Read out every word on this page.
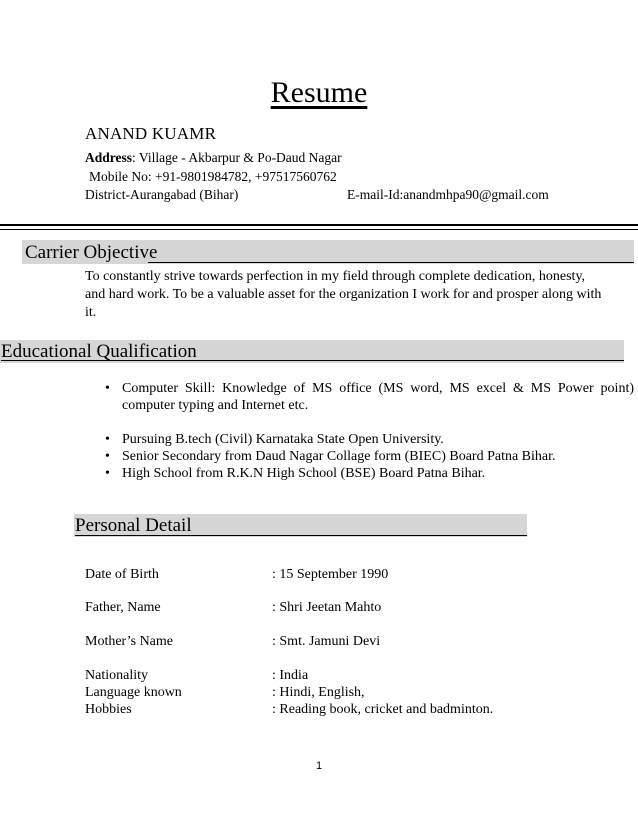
Resume
ANAND KUAMR
Address: Village - Akbarpur & Po-Daud Nagar
Mobile No: +91-9801984782, +97517560762
District-Aurangabad (Bihar)	E-mail-Id:anandmhpa90@gmail.com
Carrier Objective
To constantly strive towards perfection in my field through complete dedication, honesty, and hard work. To be a valuable asset for the organization I work for and prosper along with it.
Educational Qualification
• Computer Skill: Knowledge of MS office (MS word, MS excel & MS Power point) computer typing and Internet etc.
• Pursuing B.tech (Civil) Karnataka State Open University.
• Senior Secondary from Daud Nagar Collage form (BIEC) Board Patna Bihar.
• High School from R.K.N High School (BSE) Board Patna Bihar.
Personal Detail
Date of Birth	: 15 September 1990
Father, Name	: Shri Jeetan Mahto
Mother’s Name	: Smt. Jamuni Devi
Nationality	: India
Language known	: Hindi, English,
Hobbies	: Reading book, cricket and badminton.
1
